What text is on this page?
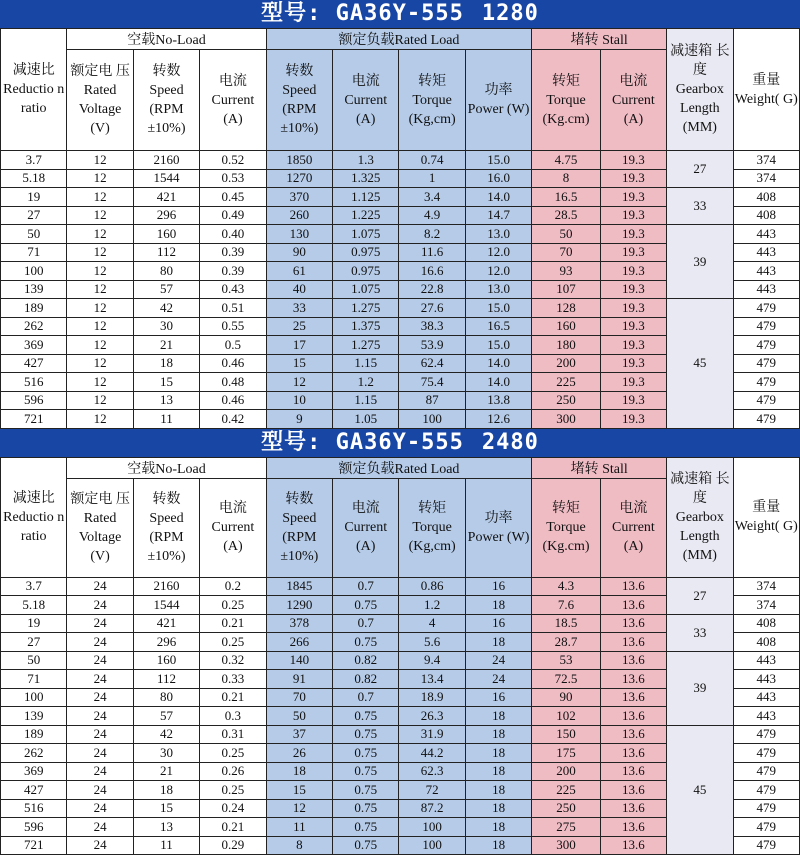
型号: GA36Y-555 1280
减速比 Reductio n ratio	空载No-Load			额定负载Rated Load				堵转 Stall		减速箱 长度 Gearbox Length (MM)	重量 Weight( G)
	额定电 压Rated Voltage (V)	转数 Speed (RPM ±10%)	电流 Current (A)	转数 Speed (RPM ±10%)	电流 Current (A)	转矩 Torque (Kg,cm)	功率 Power (W)	转矩 Torque (Kg.cm)	电流 Current (A)		
3.7	12	2160	0.52	1850	1.3	0.74	15.0	4.75	19.3	27	374
5.18	12	1544	0.53	1270	1.325	1	16.0	8	19.3		374
19	12	421	0.45	370	1.125	3.4	14.0	16.5	19.3	33	408
27	12	296	0.49	260	1.225	4.9	14.7	28.5	19.3		408
50	12	160	0.40	130	1.075	8.2	13.0	50	19.3	39	443
71	12	112	0.39	90	0.975	11.6	12.0	70	19.3		443
100	12	80	0.39	61	0.975	16.6	12.0	93	19.3		443
139	12	57	0.43	40	1.075	22.8	13.0	107	19.3		443
189	12	42	0.51	33	1.275	27.6	15.0	128	19.3	45	479
262	12	30	0.55	25	1.375	38.3	16.5	160	19.3		479
369	12	21	0.5	17	1.275	53.9	15.0	180	19.3		479
427	12	18	0.46	15	1.15	62.4	14.0	200	19.3		479
516	12	15	0.48	12	1.2	75.4	14.0	225	19.3		479
596	12	13	0.46	10	1.15	87	13.8	250	19.3		479
721	12	11	0.42	9	1.05	100	12.6	300	19.3		479
型号: GA36Y-555 2480
减速比 Reductio n ratio	空载No-Load			额定负载Rated Load				堵转 Stall		减速箱 长度 Gearbox Length (MM)	重量 Weight( G)
	额定电 压Rated Voltage (V)	转数 Speed (RPM ±10%)	电流 Current (A)	转数 Speed (RPM ±10%)	电流 Current (A)	转矩 Torque (Kg,cm)	功率 Power (W)	转矩 Torque (Kg.cm)	电流 Current (A)		
3.7	24	2160	0.2	1845	0.7	0.86	16	4.3	13.6	27	374
5.18	24	1544	0.25	1290	0.75	1.2	18	7.6	13.6		374
19	24	421	0.21	378	0.7	4	16	18.5	13.6	33	408
27	24	296	0.25	266	0.75	5.6	18	28.7	13.6		408
50	24	160	0.32	140	0.82	9.4	24	53	13.6	39	443
71	24	112	0.33	91	0.82	13.4	24	72.5	13.6		443
100	24	80	0.21	70	0.7	18.9	16	90	13.6		443
139	24	57	0.3	50	0.75	26.3	18	102	13.6		443
189	24	42	0.31	37	0.75	31.9	18	150	13.6	45	479
262	24	30	0.25	26	0.75	44.2	18	175	13.6		479
369	24	21	0.26	18	0.75	62.3	18	200	13.6		479
427	24	18	0.25	15	0.75	72	18	225	13.6		479
516	24	15	0.24	12	0.75	87.2	18	250	13.6		479
596	24	13	0.21	11	0.75	100	18	275	13.6		479
721	24	11	0.29	8	0.75	100	18	300	13.6		479
